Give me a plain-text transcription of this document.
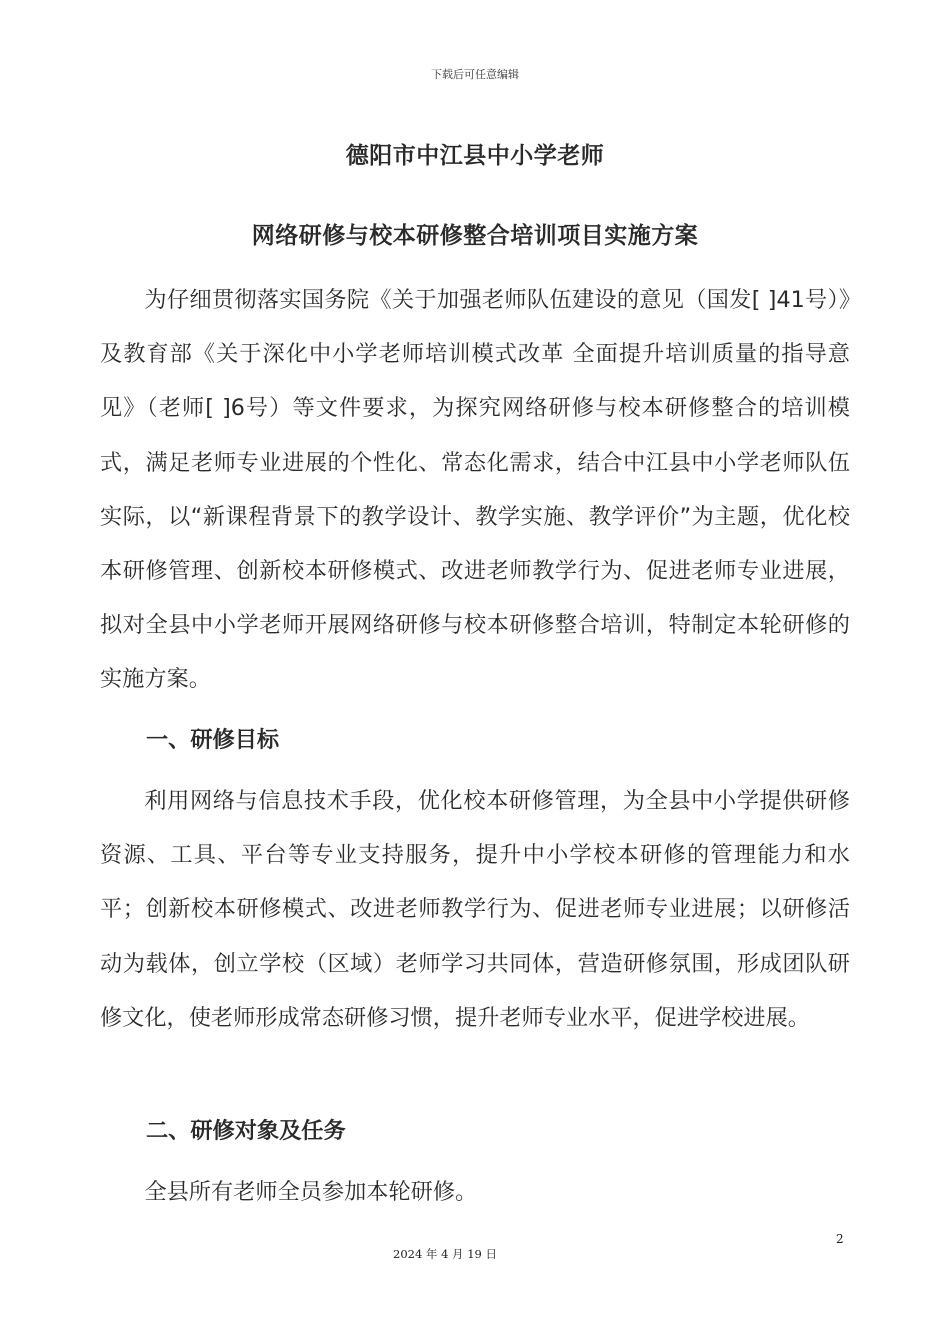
下载后可任意编辑
德阳市中江县中小学老师
网络研修与校本研修整合培训项目实施方案

为仔细贯彻落实国务院《关于加强老师队伍建设的意见（国发[ ]41号）》及教育部《关于深化中小学老师培训模式改革 全面提升培训质量的指导意见》（老师[ ]6号）等文件要求，为探究网络研修与校本研修整合的培训模式，满足老师专业进展的个性化、常态化需求，结合中江县中小学老师队伍实际，以“新课程背景下的教学设计、教学实施、教学评价”为主题，优化校本研修管理、创新校本研修模式、改进老师教学行为、促进老师专业进展，拟对全县中小学老师开展网络研修与校本研修整合培训，特制定本轮研修的实施方案。

一、研修目标

利用网络与信息技术手段，优化校本研修管理，为全县中小学提供研修资源、工具、平台等专业支持服务，提升中小学校本研修的管理能力和水平；创新校本研修模式、改进老师教学行为、促进老师专业进展；以研修活动为载体，创立学校（区域）老师学习共同体，营造研修氛围，形成团队研修文化，使老师形成常态研修习惯，提升老师专业水平，促进学校进展。

二、研修对象及任务

全县所有老师全员参加本轮研修。

2
2024 年 4 月 19 日
